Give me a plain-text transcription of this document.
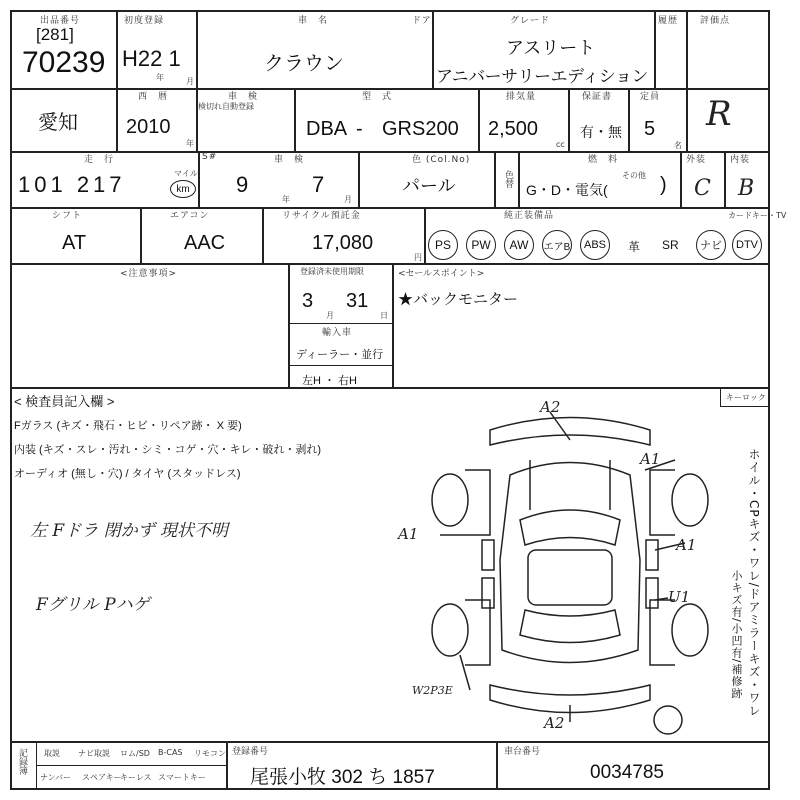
出品番号
[281]
70239
初度登録
H22 1
年	月
車　名
クラウン
ドア	グレード
アスリート
アニバーサリーエディション
履歴 評価点
R
愛知
西　暦
2010
年
車　検
検切れ自動登録
型　式
DBA - GRS200
排気量
2,500
cc
保証書
有・無
定員
5
名
走　行
101 217	マイル
km
S#	車　検
9
年
7
月
色 (Col.No)
パール	色替
燃　料
G・D・電気(
その他 )
外装
C
内装
B
シフト
AT
エアコン
AAC
リサイクル預託金
17,080
円
純正装備品	カードキー・TV
PS	PW	AW	エアB	ABS	革 SR	ナビ	DTV
<注意事項>	登録済未使用期限
3
月
31
日
輸入車
ディーラー・並行
左H ・ 右H
<セールスポイント>
★バックモニター
< 検査員記入欄 >	キーロック
Fガラス (キズ・飛石・ヒビ・リペア跡・ X 要)
内装 (キズ・スレ・汚れ・シミ・コゲ・穴・キレ・破れ・剥れ)
オーディオ (無し・穴) / タイヤ (スタッドレス)
左 Fドラ 閉かず 現状不明
Fグリル Pハゲ	ホイル・CPキズ・ワレ/ドアミラーキズ・ワレ
小キズ有/小凹有/補修跡
A2
A1
A1
A1
U1
W2P3E
A2
記録簿 取説 ナビ取説 ロム/SD B-CAS リモコン
ナンバー スペアキー
キーレス スマートキー
登録番号
尾張小牧 302 ち 1857
車台番号
0034785
